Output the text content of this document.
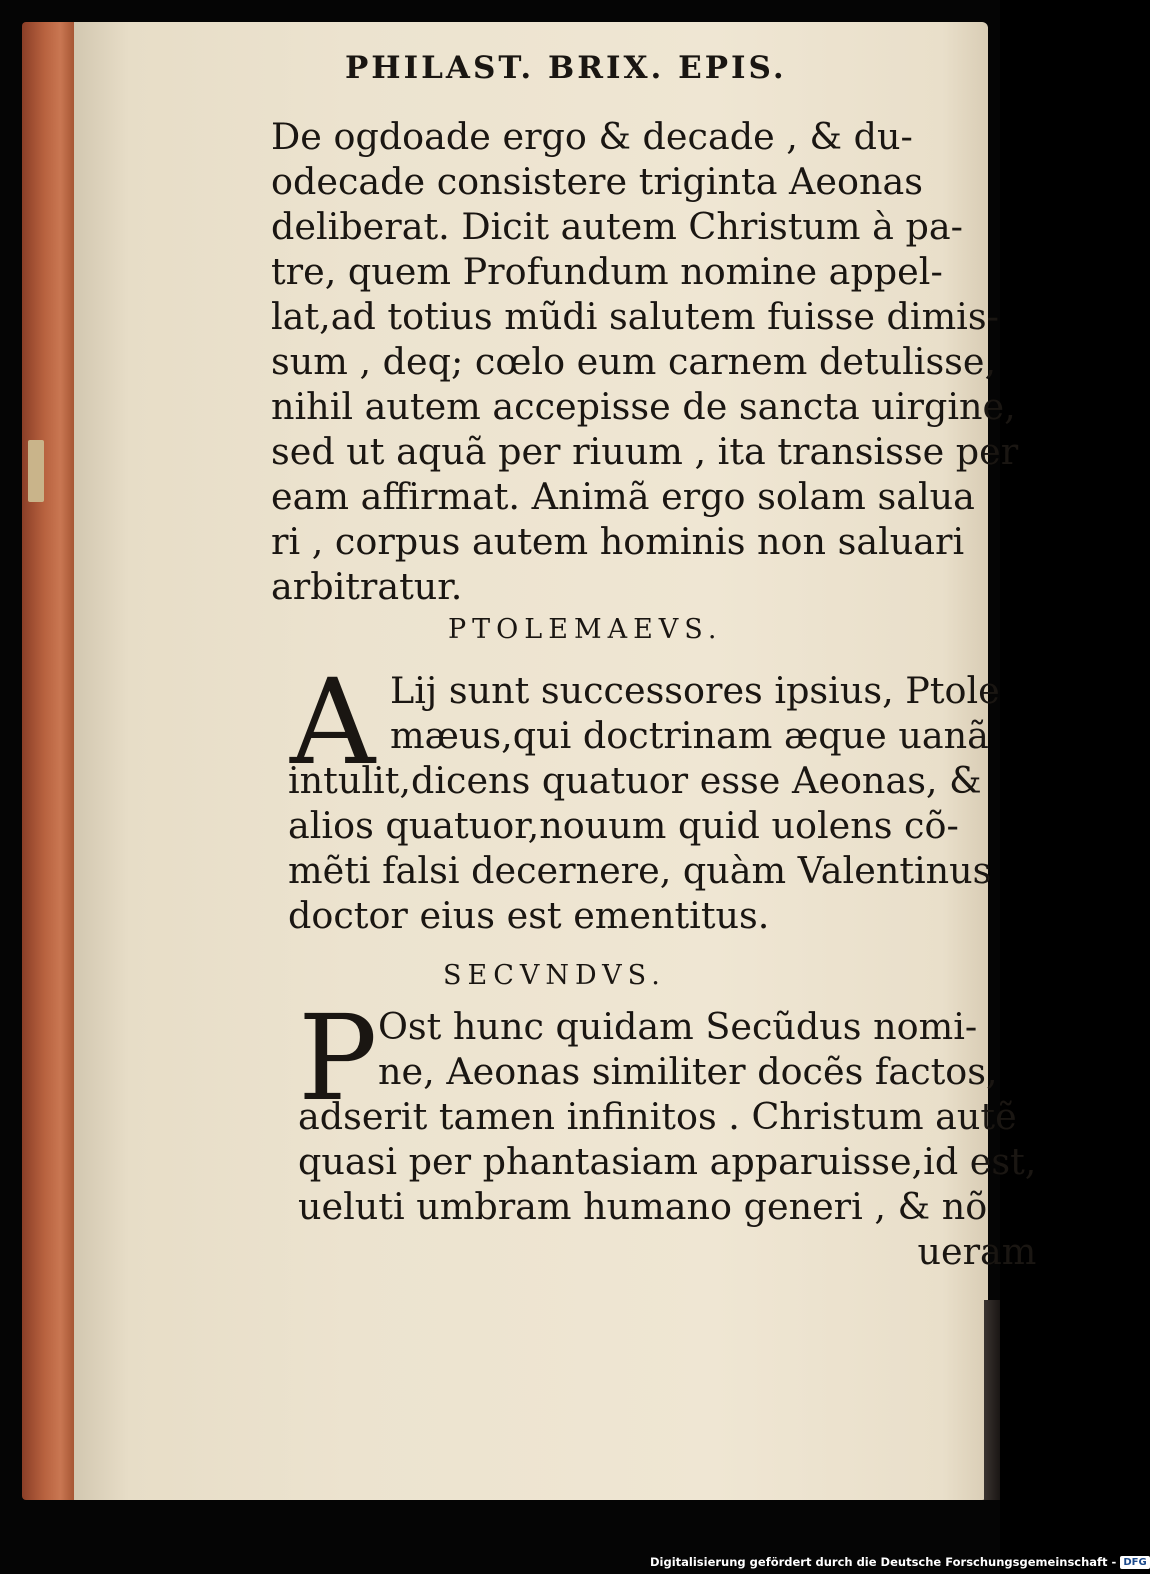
PHILAST. BRIX. EPIS.
De ogdoade ergo & decade , & du-
odecade consistere triginta Aeonas
deliberat. Dicit autem Christum à pa-
tre, quem Profundum nomine appel-
lat,ad totius mũdi salutem fuisse dimis-
sum , deq; cœlo eum carnem detulisse,
nihil autem accepisse de sancta uirgine,
sed ut aquã per riuum , ita transisse per
eam affirmat. Animã ergo solam salua
ri , corpus autem hominis non saluari
arbitratur.
PTOLEMAEVS.
A Lij sunt successores ipsius, Ptole
mæus,qui doctrinam æque uanã
intulit,dicens quatuor esse Aeonas, &
alios quatuor,nouum quid uolens cõ-
mẽti falsi decernere, quàm Valentinus
doctor eius est ementitus.
SECVNDVS.
P Ost hunc quidam Secũdus nomi-
ne, Aeonas similiter docẽs factos,
adserit tamen infinitos . Christum autẽ
quasi per phantasiam apparuisse,id est,
ueluti umbram humano generi , & nõ
ueram
Digitalisierung gefördert durch die Deutsche Forschungsgemeinschaft - DFG
